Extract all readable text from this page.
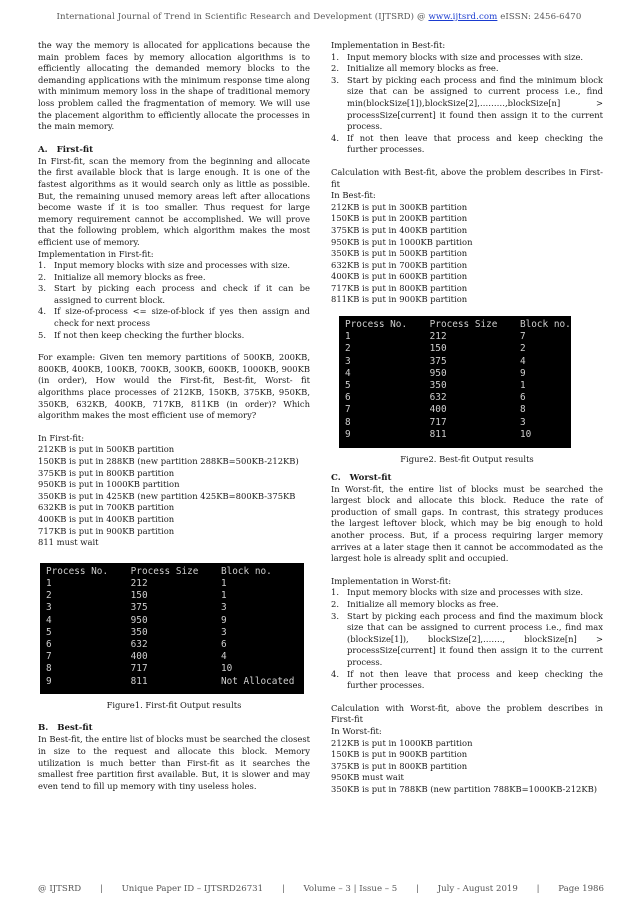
International Journal of Trend in Scientific Research and Development (IJTSRD) @ www.ijtsrd.com eISSN: 2456-6470

the way the memory is allocated for applications because the main problem faces by memory allocation algorithms is to efficiently allocating the demanded memory blocks to the demanding applications with the minimum response time along with minimum memory loss in the shape of traditional memory loss problem called the fragmentation of memory. We will use the placement algorithm to efficiently allocate the processes in the main memory.

A.   First-fit

In First-fit, scan the memory from the beginning and allocate the first available block that is large enough. It is one of the fastest algorithms as it would search only as little as possible. But, the remaining unused memory areas left after allocations become waste if it is too smaller. Thus request for large memory requirement cannot be accomplished. We will prove that the following problem, which algorithm makes the most efficient use of memory.

Implementation in First-fit:

1. Input memory blocks with size and processes with size.
2. Initialize all memory blocks as free.
3. Start by picking each process and check if it can be assigned to current block.
4. If size-of-process <= size-of-block if yes then assign and check for next process
5. If not then keep checking the further blocks.

For example: Given ten memory partitions of 500KB, 200KB, 800KB, 400KB, 100KB, 700KB, 300KB, 600KB, 1000KB, 900KB (in order), How would the First-fit, Best-fit, Worst- fit algorithms place processes of 212KB, 150KB, 375KB, 950KB, 350KB, 632KB, 400KB, 717KB, 811KB (in order)? Which algorithm makes the most efficient use of memory?

In First-fit:

212KB is put in 500KB partition

150KB is put in 288KB (new partition 288KB=500KB-212KB)

375KB is put in 800KB partition

950KB is put in 1000KB partition

350KB is put in 425KB (new partition 425KB=800KB-375KB

632KB is put in 700KB partition

400KB is put in 400KB partition

717KB is put in 900KB partition

811 must wait

Process No.    Process Size    Block no.
1              212             1
2              150             1
3              375             3
4              950             9
5              350             3
6              632             6
7              400             4
8              717             10
9              811             Not Allocated
Figure1. First-fit Output results
B.   Best-fit

In Best-fit, the entire list of blocks must be searched the closest in size to the request and allocate this block. Memory utilization is much better than First-fit as it searches the smallest free partition first available. But, it is slower and may even tend to fill up memory with tiny useless holes.

Implementation in Best-fit:

1. Input memory blocks with size and processes with size.
2. Initialize all memory blocks as free.
3. Start by picking each process and find the minimum block size that can be assigned to current process i.e., find min(blockSize[1]),blockSize[2],………,blockSize[n] > processSize[current] it found then assign it to the current process.
4. If not then leave that process and keep checking the further processes.

Calculation with Best-fit, above the problem describes in First-fit

In Best-fit:

212KB is put in 300KB partition

150KB is put in 200KB partition

375KB is put in 400KB partition

950KB is put in 1000KB partition

350KB is put in 500KB partition

632KB is put in 700KB partition

400KB is put in 600KB partition

717KB is put in 800KB partition

811KB is put in 900KB partition

Process No.    Process Size    Block no.
1              212             7
2              150             2
3              375             4
4              950             9
5              350             1
6              632             6
7              400             8
8              717             3
9              811             10
Figure2. Best-fit Output results
C.   Worst-fit

In Worst-fit, the entire list of blocks must be searched the largest block and allocate this block. Reduce the rate of production of small gaps. In contrast, this strategy produces the largest leftover block, which may be big enough to hold another process. But, if a process requiring larger memory arrives at a later stage then it cannot be accommodated as the largest hole is already split and occupied.

Implementation in Worst-fit:

1. Input memory blocks with size and processes with size.
2. Initialize all memory blocks as free.
3. Start by picking each process and find the maximum block size that can be assigned to current process i.e., find max (blockSize[1]), blockSize[2],……., blockSize[n] > processSize[current] it found then assign it to the current process.
4. If not then leave that process and keep checking the further processes.

Calculation with Worst-fit, above the problem describes in First-fit

In Worst-fit:

212KB is put in 1000KB partition

150KB is put in 900KB partition

375KB is put in 800KB partition

950KB must wait

350KB is put in 788KB (new partition 788KB=1000KB-212KB)

@ IJTSRD | Unique Paper ID – IJTSRD26731 | Volume – 3 | Issue – 5 | July - August 2019 | Page 1986
